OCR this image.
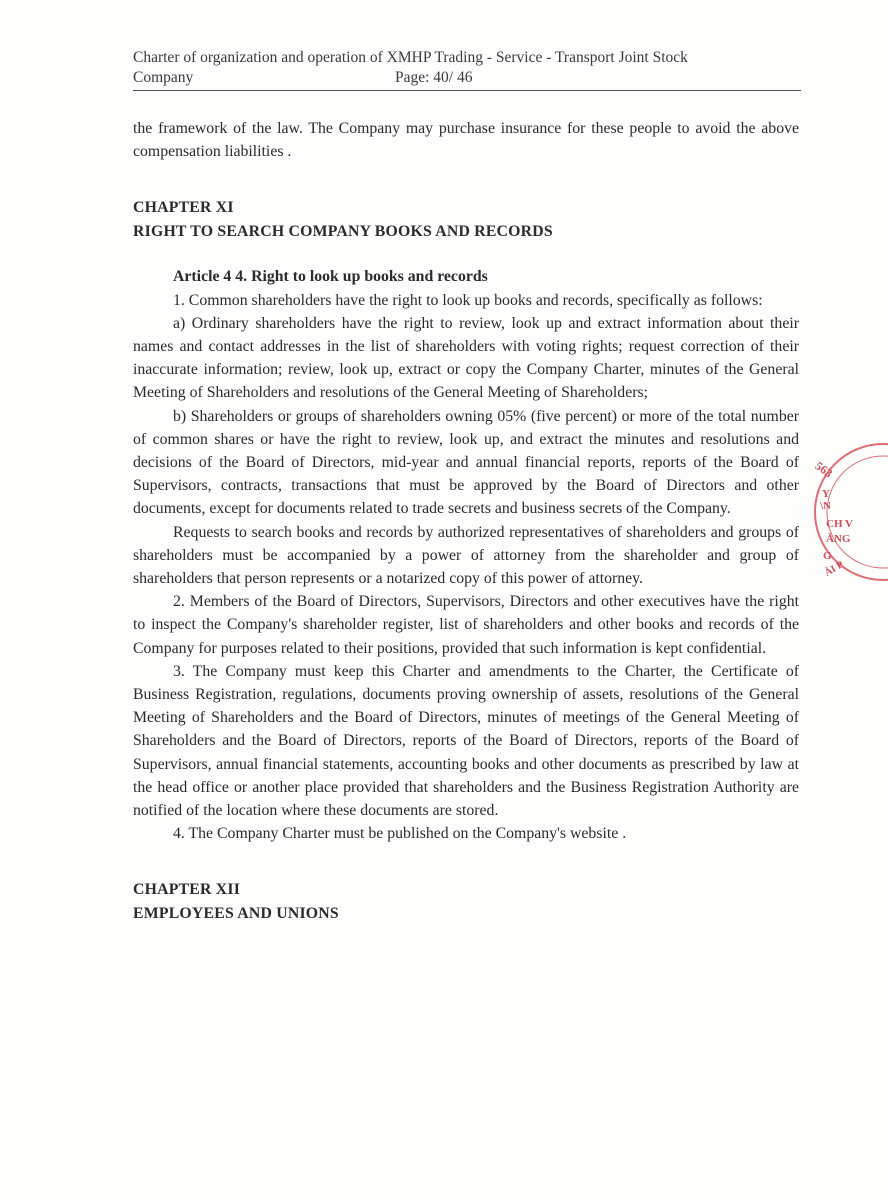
Charter of organization and operation of XMHP Trading - Service - Transport Joint Stock
Company	Page: 40/ 46

the framework of the law. The Company may purchase insurance for these people to avoid the above compensation liabilities .

CHAPTER XI

RIGHT TO SEARCH COMPANY BOOKS AND RECORDS

Article 4 4. Right to look up books and records

1. Common shareholders have the right to look up books and records, specifically as follows:

a) Ordinary shareholders have the right to review, look up and extract information about their names and contact addresses in the list of shareholders with voting rights; request correction of their inaccurate information; review, look up, extract or copy the Company Charter, minutes of the General Meeting of Shareholders and resolutions of the General Meeting of Shareholders;

b) Shareholders or groups of shareholders owning 05% (five percent) or more of the total number of common shares or have the right to review, look up, and extract the minutes and resolutions and decisions of the Board of Directors, mid-year and annual financial reports, reports of the Board of Supervisors, contracts, transactions that must be approved by the Board of Directors and other documents, except for documents related to trade secrets and business secrets of the Company.

Requests to search books and records by authorized representatives of shareholders and groups of shareholders must be accompanied by a power of attorney from the shareholder and group of shareholders that person represents or a notarized copy of this power of attorney.

2. Members of the Board of Directors, Supervisors, Directors and other executives have the right to inspect the Company's shareholder register, list of shareholders and other books and records of the Company for purposes related to their positions, provided that such information is kept confidential.

3. The Company must keep this Charter and amendments to the Charter, the Certificate of Business Registration, regulations, documents proving ownership of assets, resolutions of the General Meeting of Shareholders and the Board of Directors, minutes of meetings of the General Meeting of Shareholders and the Board of Directors, reports of the Board of Directors, reports of the Board of Supervisors, annual financial statements, accounting books and other documents as prescribed by law at the head office or another place provided that shareholders and the Business Registration Authority are notified of the location where these documents are stored.

4. The Company Charter must be published on the Company's website .

CHAPTER XII

EMPLOYEES AND UNIONS

563
Y
\N
CH V
ĂNG
G
ẢI P
